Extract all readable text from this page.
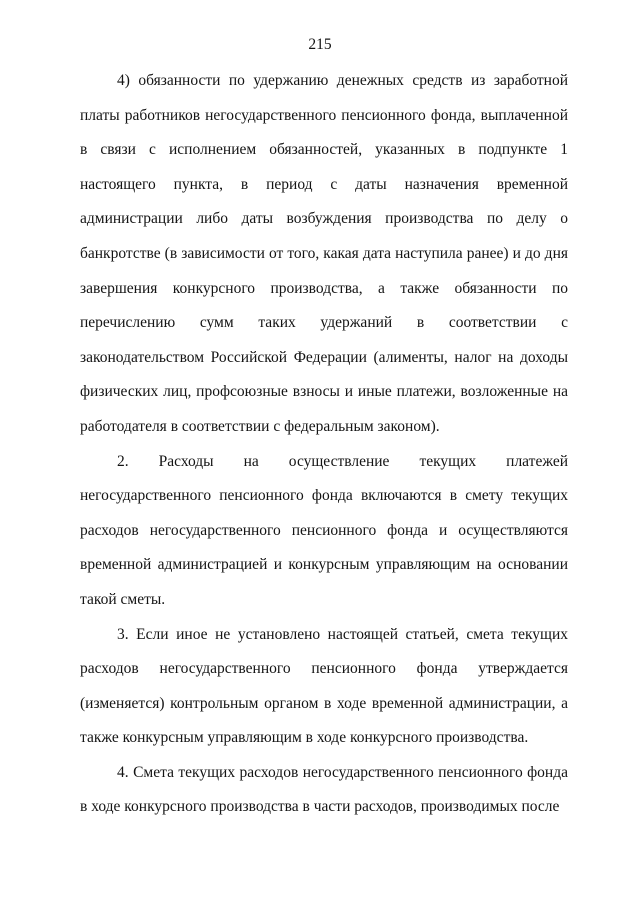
215

4) обязанности по удержанию денежных средств из заработной платы работников негосударственного пенсионного фонда, выплаченной в связи с исполнением обязанностей, указанных в подпункте 1 настоящего пункта, в период с даты назначения временной администрации либо даты возбуждения производства по делу о банкротстве (в зависимости от того, какая дата наступила ранее) и до дня завершения конкурсного производства, а также обязанности по перечислению сумм таких удержаний в соответствии с законодательством Российской Федерации (алименты, налог на доходы физических лиц, профсоюзные взносы и иные платежи, возложенные на работодателя в соответствии с федеральным законом).

2. Расходы на осуществление текущих платежей негосударственного пенсионного фонда включаются в смету текущих расходов негосударственного пенсионного фонда и осуществляются временной администрацией и конкурсным управляющим на основании такой сметы.

3. Если иное не установлено настоящей статьей, смета текущих расходов негосударственного пенсионного фонда утверждается (изменяется) контрольным органом в ходе временной администрации, а также конкурсным управляющим в ходе конкурсного производства.

4. Смета текущих расходов негосударственного пенсионного фонда в ходе конкурсного производства в части расходов, производимых после
